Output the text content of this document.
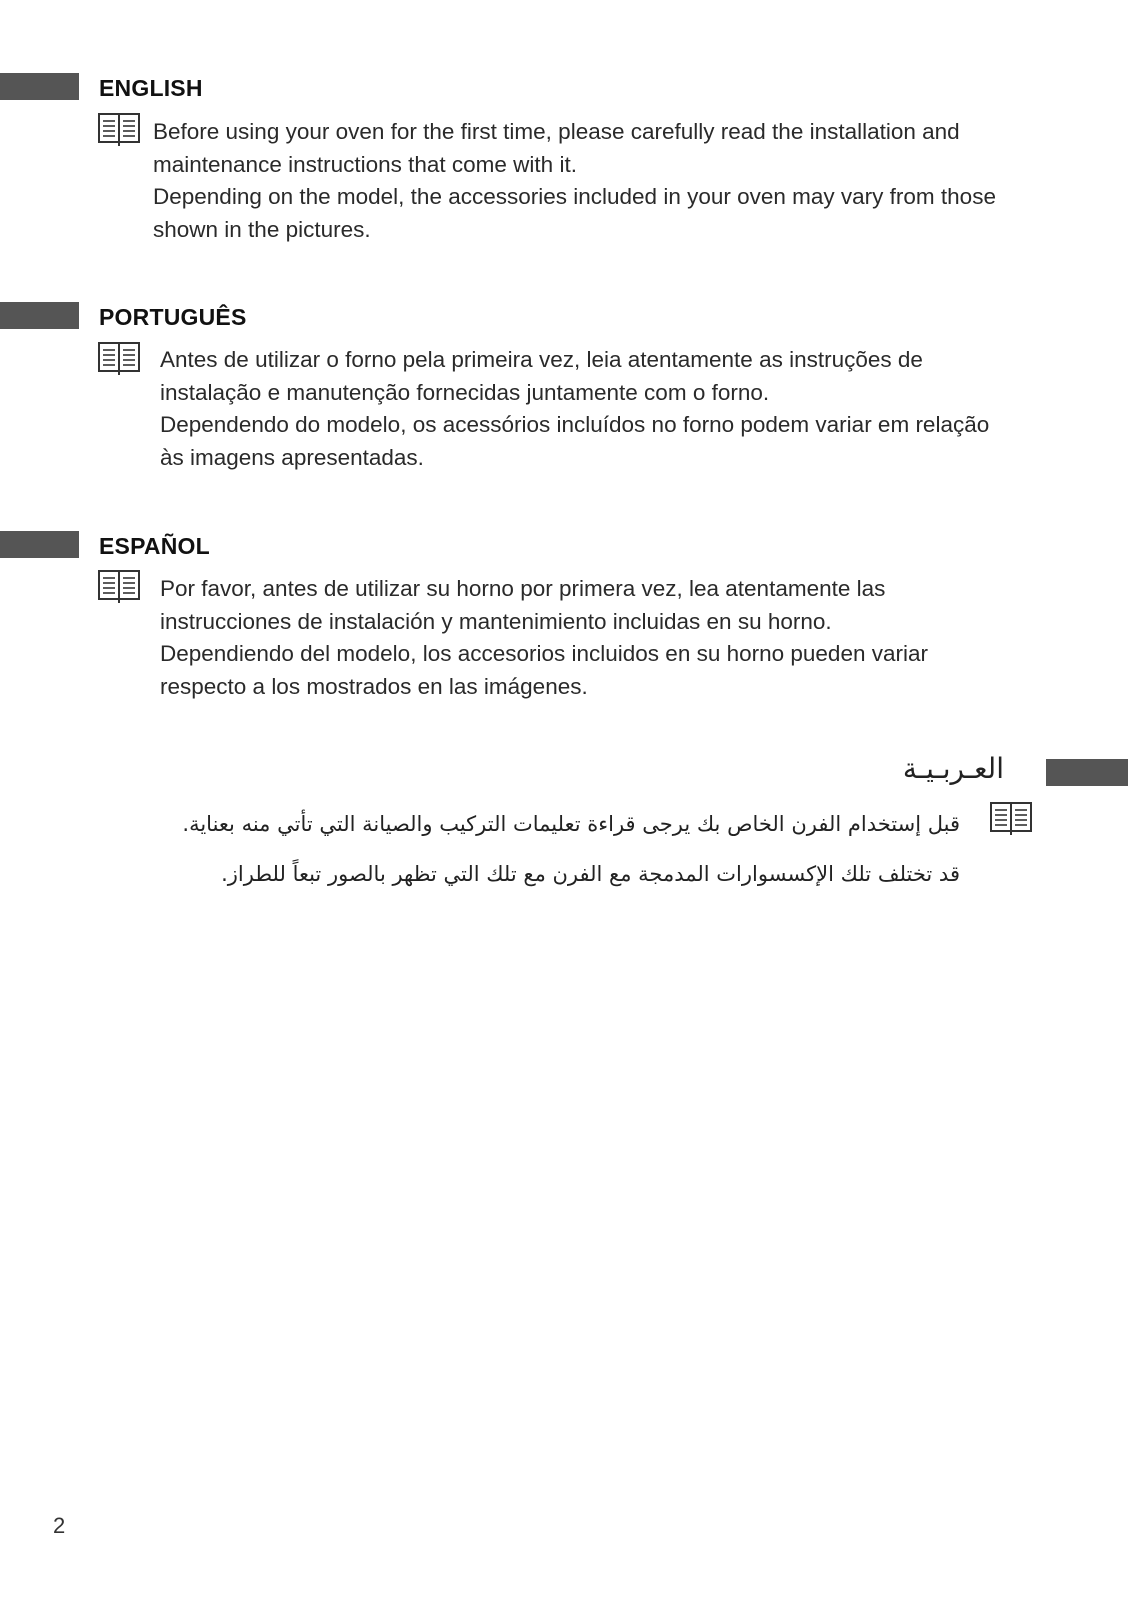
ENGLISH

Before using your oven for the first time, please carefully read the installation and

maintenance instructions that come with it.

Depending on the model, the accessories included in your oven may vary from those

shown in the pictures.

PORTUGUÊS

Antes de utilizar o forno pela primeira vez, leia atentamente as instruções de

instalação e manutenção fornecidas juntamente com o forno.

Dependendo do modelo, os acessórios incluídos no forno podem variar em relação

às imagens apresentadas.

ESPAÑOL

Por favor, antes de utilizar su horno por primera vez, lea atentamente las

instrucciones de instalación y mantenimiento incluidas en su horno.

Dependiendo del modelo, los accesorios incluidos en su horno pueden variar

respecto a los mostrados en las imágenes.

العـربـيـة
قبل إستخدام الفرن الخاص بك يرجى قراءة تعليمات التركيب والصيانة التي تأتي منه بعناية.
قد تختلف تلك الإكسسوارات المدمجة مع الفرن مع تلك التي تظهر بالصور تبعاً للطراز.
2
